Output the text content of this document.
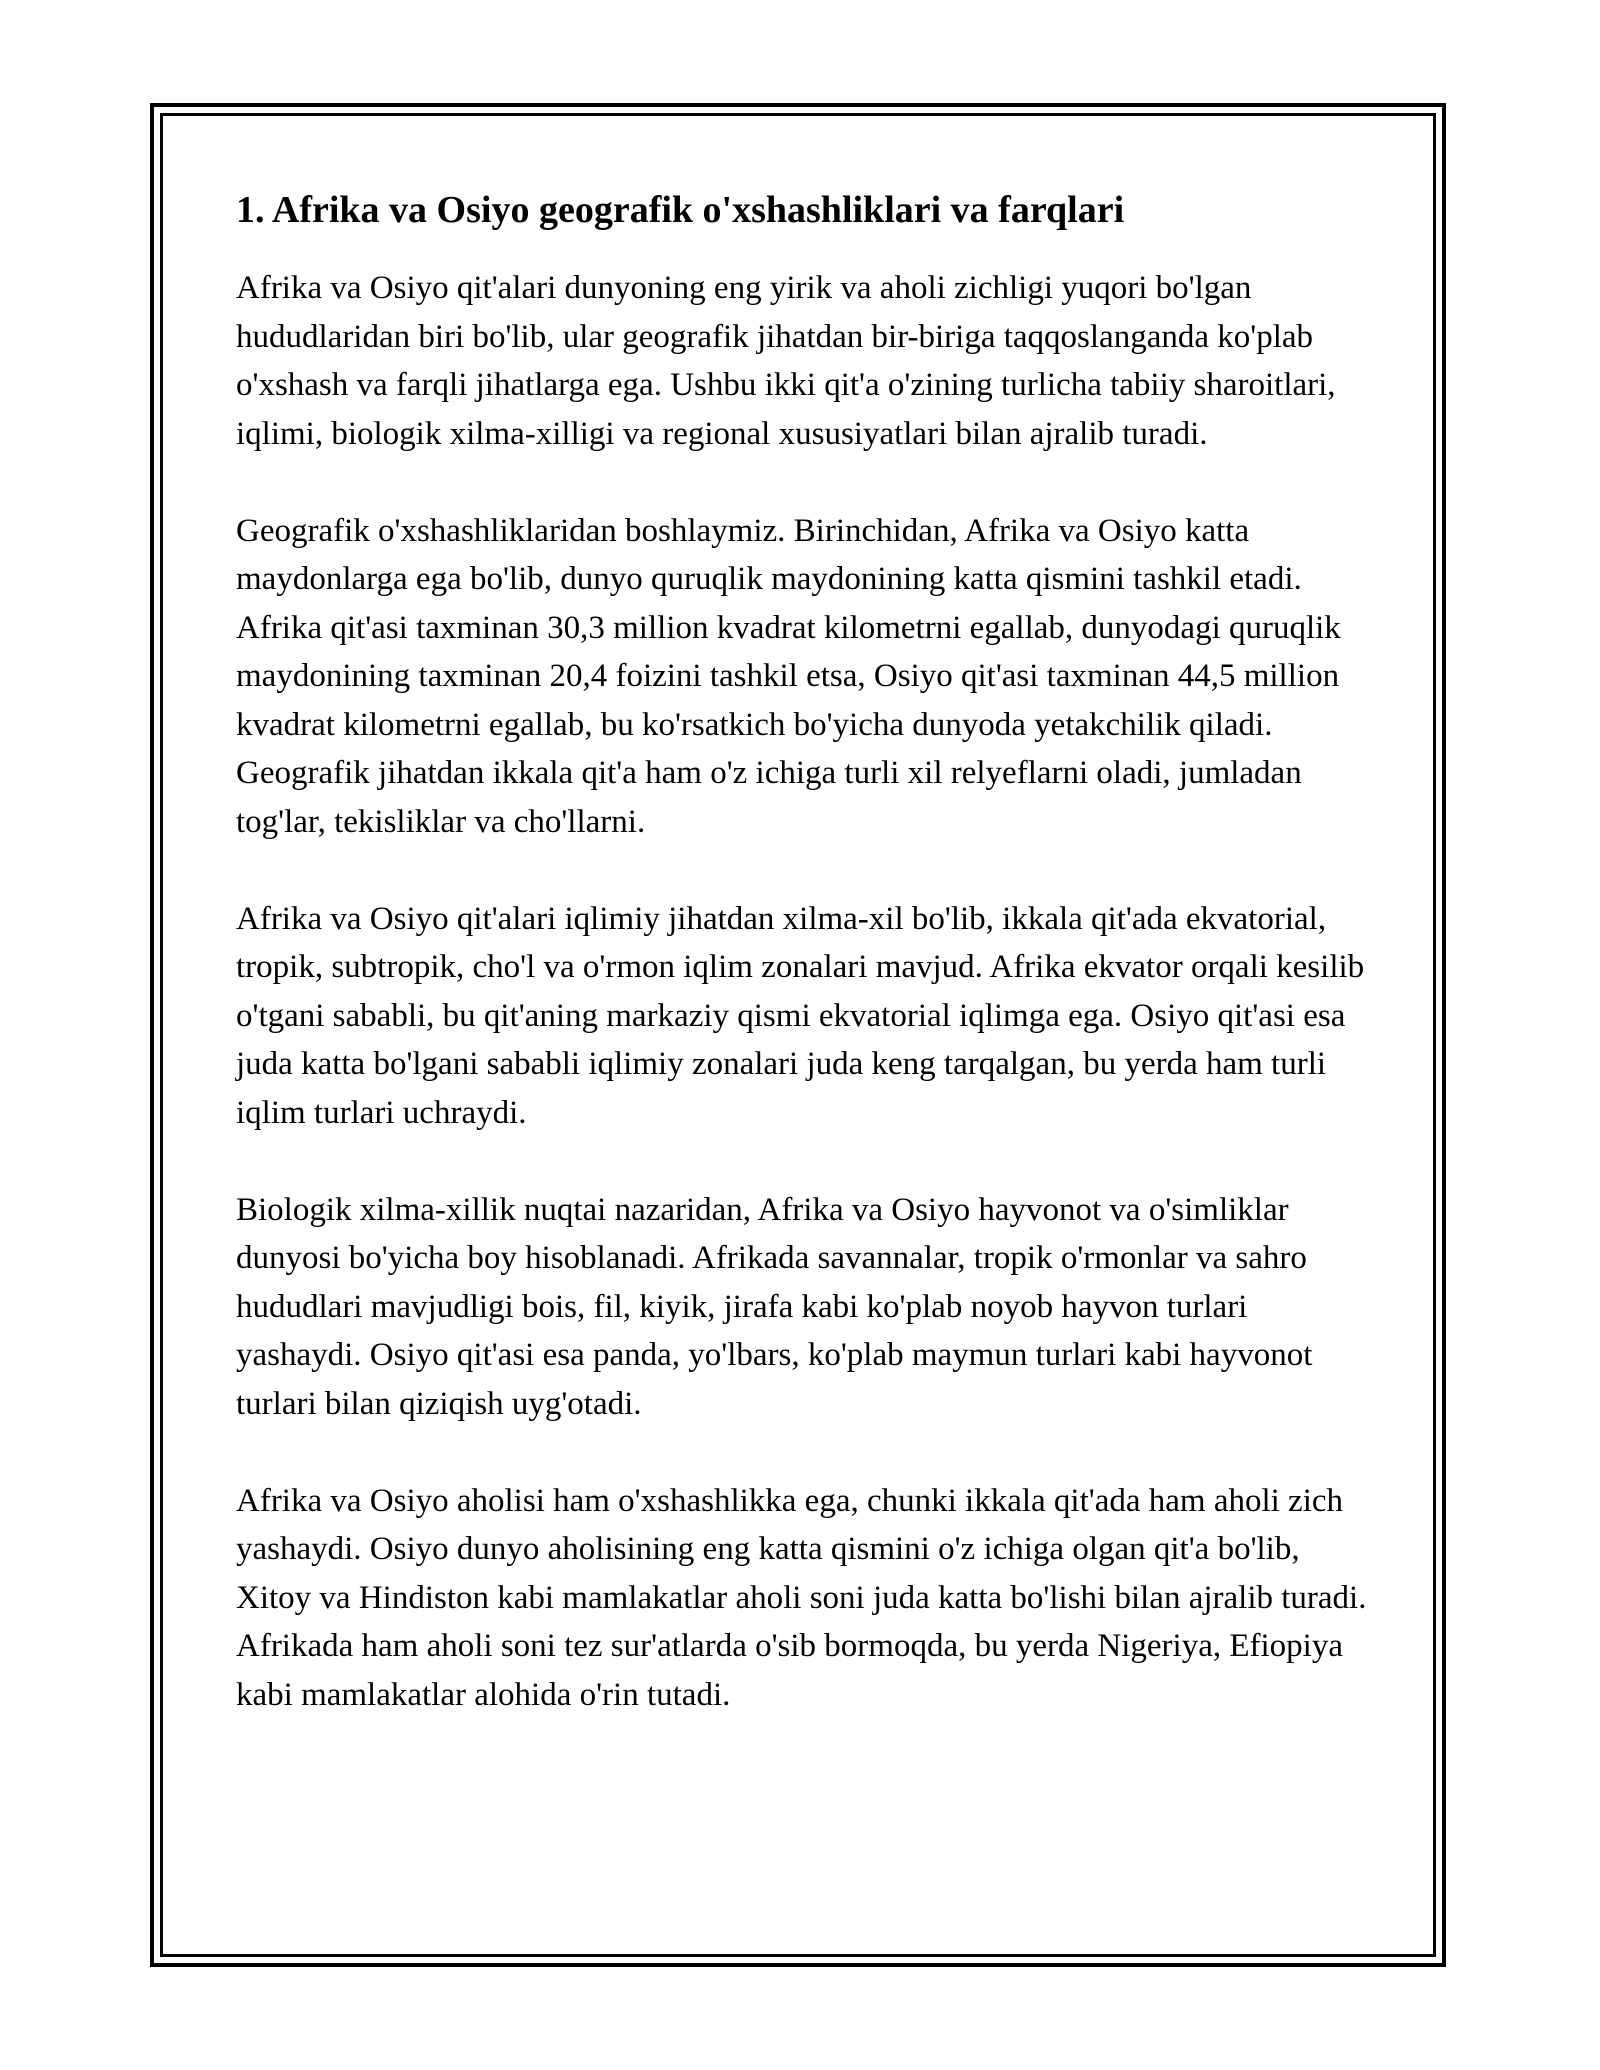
1. Afrika va Osiyo geografik o'xshashliklari va farqlari

Afrika va Osiyo qit'alari dunyoning eng yirik va aholi zichligi yuqori bo'lgan hududlaridan biri bo'lib, ular geografik jihatdan bir-biriga taqqoslanganda ko'plab o'xshash va farqli jihatlarga ega. Ushbu ikki qit'a o'zining turlicha tabiiy sharoitlari, iqlimi, biologik xilma-xilligi va regional xususiyatlari bilan ajralib turadi.

Geografik o'xshashliklaridan boshlaymiz. Birinchidan, Afrika va Osiyo katta maydonlarga ega bo'lib, dunyo quruqlik maydonining katta qismini tashkil etadi. Afrika qit'asi taxminan 30,3 million kvadrat kilometrni egallab, dunyodagi quruqlik maydonining taxminan 20,4 foizini tashkil etsa, Osiyo qit'asi taxminan 44,5 million kvadrat kilometrni egallab, bu ko'rsatkich bo'yicha dunyoda yetakchilik qiladi. Geografik jihatdan ikkala qit'a ham o'z ichiga turli xil relyeflarni oladi, jumladan tog'lar, tekisliklar va cho'llarni.

Afrika va Osiyo qit'alari iqlimiy jihatdan xilma-xil bo'lib, ikkala qit'ada ekvatorial, tropik, subtropik, cho'l va o'rmon iqlim zonalari mavjud. Afrika ekvator orqali kesilib o'tgani sababli, bu qit'aning markaziy qismi ekvatorial iqlimga ega. Osiyo qit'asi esa juda katta bo'lgani sababli iqlimiy zonalari juda keng tarqalgan, bu yerda ham turli iqlim turlari uchraydi.

Biologik xilma-xillik nuqtai nazaridan, Afrika va Osiyo hayvonot va o'simliklar dunyosi bo'yicha boy hisoblanadi. Afrikada savannalar, tropik o'rmonlar va sahro hududlari mavjudligi bois, fil, kiyik, jirafa kabi ko'plab noyob hayvon turlari yashaydi. Osiyo qit'asi esa panda, yo'lbars, ko'plab maymun turlari kabi hayvonot turlari bilan qiziqish uyg'otadi.

Afrika va Osiyo aholisi ham o'xshashlikka ega, chunki ikkala qit'ada ham aholi zich yashaydi. Osiyo dunyo aholisining eng katta qismini o'z ichiga olgan qit'a bo'lib, Xitoy va Hindiston kabi mamlakatlar aholi soni juda katta bo'lishi bilan ajralib turadi. Afrikada ham aholi soni tez sur'atlarda o'sib bormoqda, bu yerda Nigeriya, Efiopiya kabi mamlakatlar alohida o'rin tutadi.
